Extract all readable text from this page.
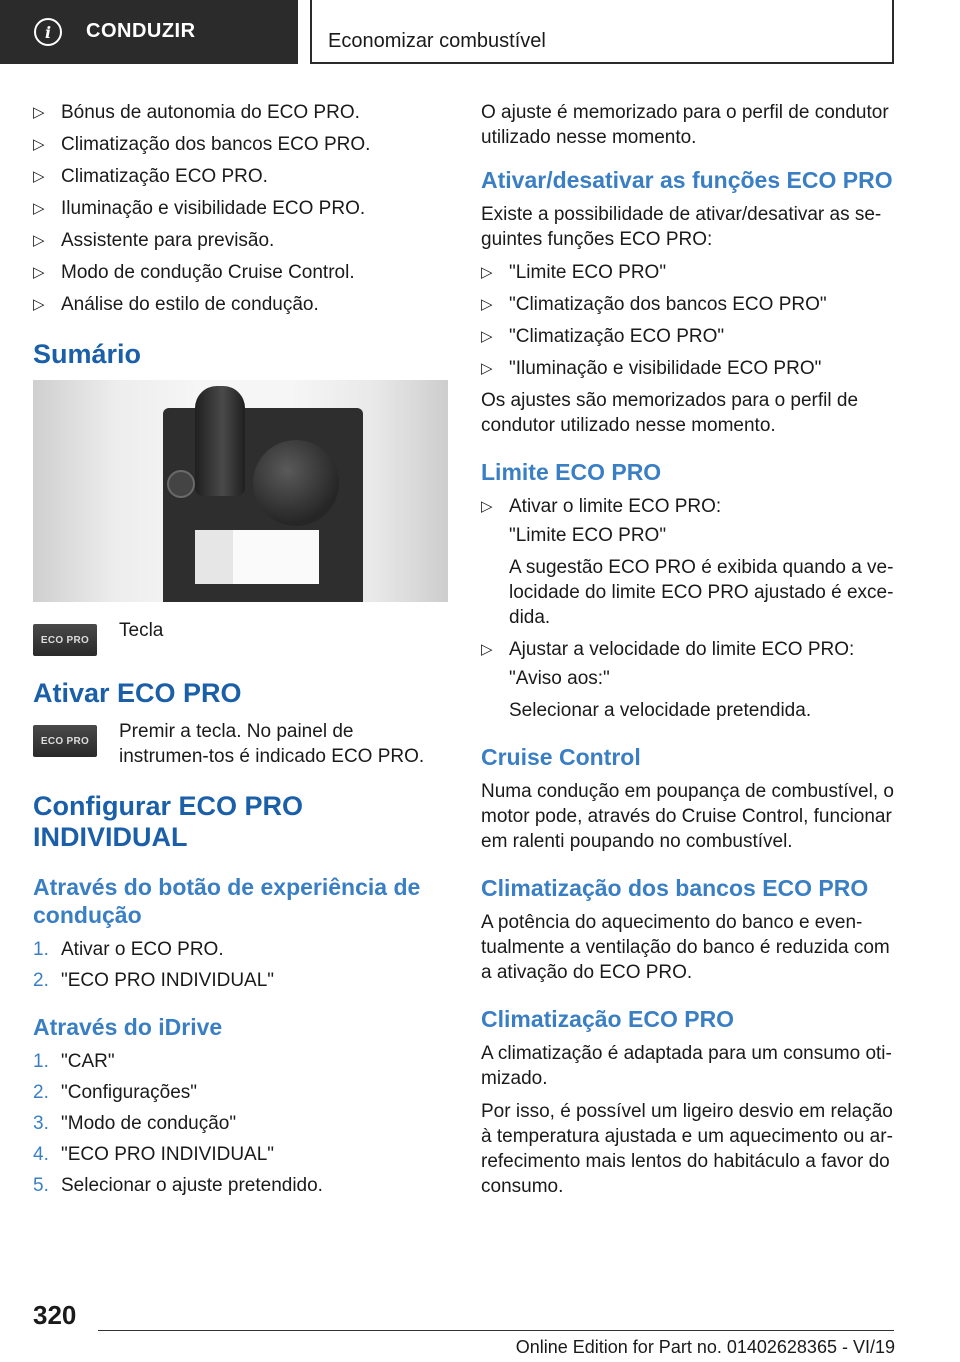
i	CONDUZIR	Economizar combustível
▷ Bónus de autonomia do ECO PRO.
▷ Climatização dos bancos ECO PRO.
▷ Climatização ECO PRO.
▷ Iluminação e visibilidade ECO PRO.
▷ Assistente para previsão.
▷ Modo de condução Cruise Control.
▷ Análise do estilo de condução.
Sumário
ECO PRO	Tecla
Ativar ECO PRO
ECO PRO	Premir a tecla. No painel de instrumen-tos é indicado ECO PRO.
Configurar ECO PRO INDIVIDUAL
Através do botão de experiência de condução
1. Ativar o ECO PRO.
2. "ECO PRO INDIVIDUAL"
Através do iDrive
1. "CAR"
2. "Configurações"
3. "Modo de condução"
4. "ECO PRO INDIVIDUAL"
5. Selecionar o ajuste pretendido.
O ajuste é memorizado para o perfil de condutor utilizado nesse momento.
Ativar/desativar as funções ECO PRO
Existe a possibilidade de ativar/desativar as se-guintes funções ECO PRO:
▷ "Limite ECO PRO"
▷ "Climatização dos bancos ECO PRO"
▷ "Climatização ECO PRO"
▷ "Iluminação e visibilidade ECO PRO"
Os ajustes são memorizados para o perfil de condutor utilizado nesse momento.
Limite ECO PRO
▷ Ativar o limite ECO PRO:
"Limite ECO PRO"
A sugestão ECO PRO é exibida quando a ve-locidade do limite ECO PRO ajustado é exce-dida.
▷ Ajustar a velocidade do limite ECO PRO:
"Aviso aos:"
Selecionar a velocidade pretendida.
Cruise Control
Numa condução em poupança de combustível, o motor pode, através do Cruise Control, funcionar em ralenti poupando no combustível.
Climatização dos bancos ECO PRO
A potência do aquecimento do banco e even-tualmente a ventilação do banco é reduzida com a ativação do ECO PRO.
Climatização ECO PRO
A climatização é adaptada para um consumo oti-mizado.
Por isso, é possível um ligeiro desvio em relação à temperatura ajustada e um aquecimento ou ar-refecimento mais lentos do habitáculo a favor do consumo.
320
Online Edition for Part no. 01402628365 - VI/19
